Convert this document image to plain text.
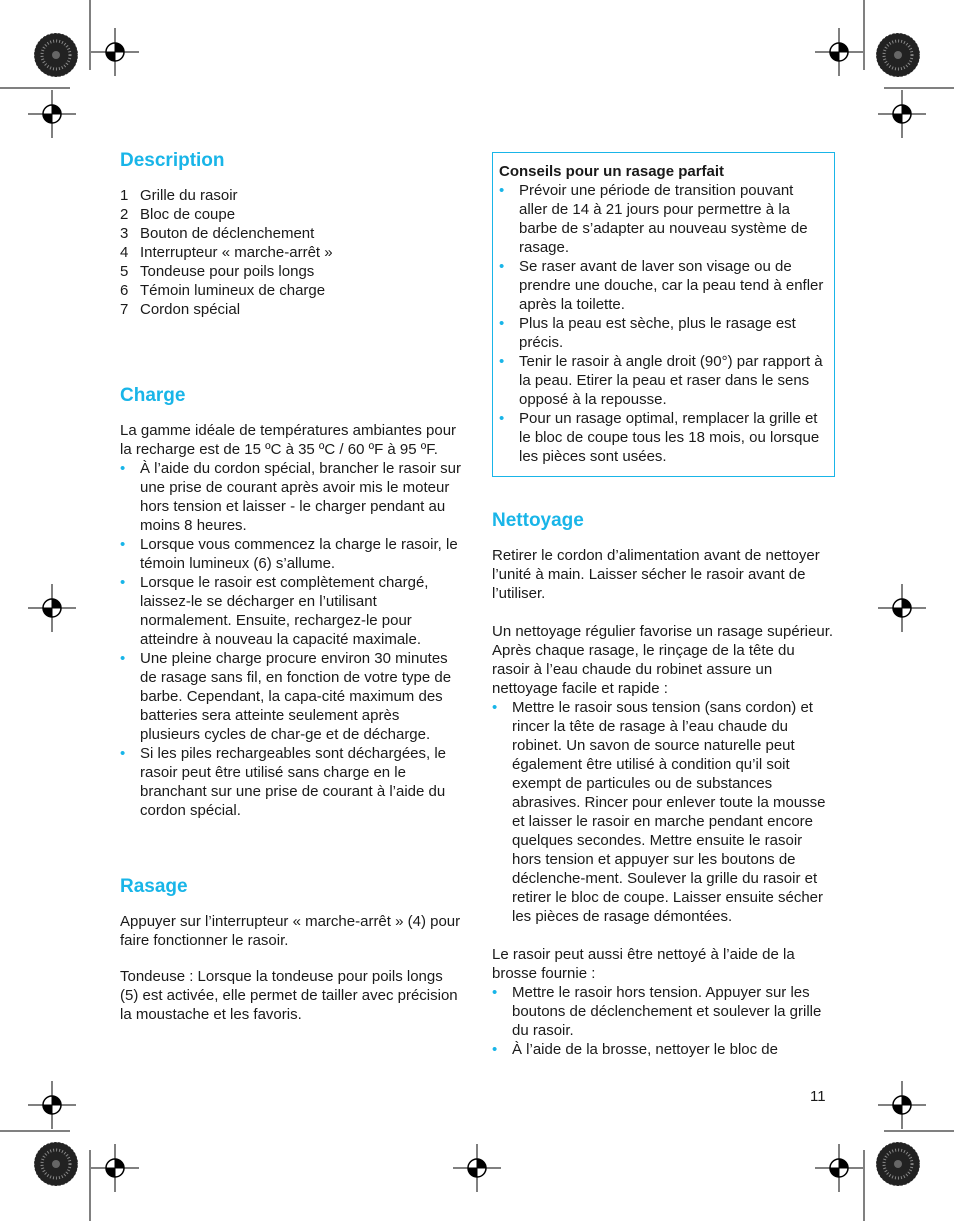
Description
1 Grille du rasoir
2 Bloc de coupe
3 Bouton de déclenchement
4 Interrupteur « marche-arrêt »
5 Tondeuse pour poils longs
6 Témoin lumineux de charge
7 Cordon spécial
Charge

La gamme idéale de températures ambiantes pour la recharge est de 15 ºC à 35 ºC / 60 ºF à 95 ºF.

• À l’aide du cordon spécial, brancher le rasoir sur une prise de courant après avoir mis le moteur hors tension et laisser - le charger pendant au moins 8 heures.
• Lorsque vous commencez la charge le rasoir, le témoin lumineux (6) s’allume.
• Lorsque le rasoir est complètement chargé, laissez-le se décharger en l’utilisant normalement. Ensuite, rechargez-le pour atteindre à nouveau la capacité maximale.
• Une pleine charge procure environ 30 minutes de rasage sans fil, en fonction de votre type de barbe. Cependant, la capa-cité maximum des batteries sera atteinte seulement après plusieurs cycles de char-ge et de décharge.
• Si les piles rechargeables sont déchargées, le rasoir peut être utilisé sans charge en le branchant sur une prise de courant à l’aide du cordon spécial.
Rasage

Appuyer sur l’interrupteur « marche-arrêt » (4) pour faire fonctionner le rasoir.

Tondeuse : Lorsque la tondeuse pour poils longs (5) est activée, elle permet de tailler avec précision la moustache et les favoris.

Conseils pour un rasage parfait
• Prévoir une période de transition pouvant aller de 14 à 21 jours pour permettre à la barbe de s’adapter au nouveau système de rasage.
• Se raser avant de laver son visage ou de prendre une douche, car la peau tend à enfler après la toilette.
• Plus la peau est sèche, plus le rasage est précis.
• Tenir le rasoir à angle droit (90°) par rapport à la peau. Etirer la peau et raser dans le sens opposé à la repousse.
• Pour un rasage optimal, remplacer la grille et le bloc de coupe tous les 18 mois, ou lorsque les pièces sont usées.
Nettoyage

Retirer le cordon d’alimentation avant de nettoyer l’unité à main. Laisser sécher le rasoir avant de l’utiliser.

Un nettoyage régulier favorise un rasage supérieur. Après chaque rasage, le rinçage de la tête du rasoir à l’eau chaude du robinet assure un nettoyage facile et rapide :

• Mettre le rasoir sous tension (sans cordon) et rincer la tête de rasage à l’eau chaude du robinet. Un savon de source naturelle peut également être utilisé à condition qu’il soit exempt de particules ou de substances abrasives. Rincer pour enlever toute la mousse et laisser le rasoir en marche pendant encore quelques secondes. Mettre ensuite le rasoir hors tension et appuyer sur les boutons de déclenche-ment. Soulever la grille du rasoir et retirer le bloc de coupe. Laisser ensuite sécher les pièces de rasage démontées.

Le rasoir peut aussi être nettoyé à l’aide de la brosse fournie :

• Mettre le rasoir hors tension. Appuyer sur les boutons de déclenchement et soulever la grille du rasoir.
• À l’aide de la brosse, nettoyer le bloc de
11
